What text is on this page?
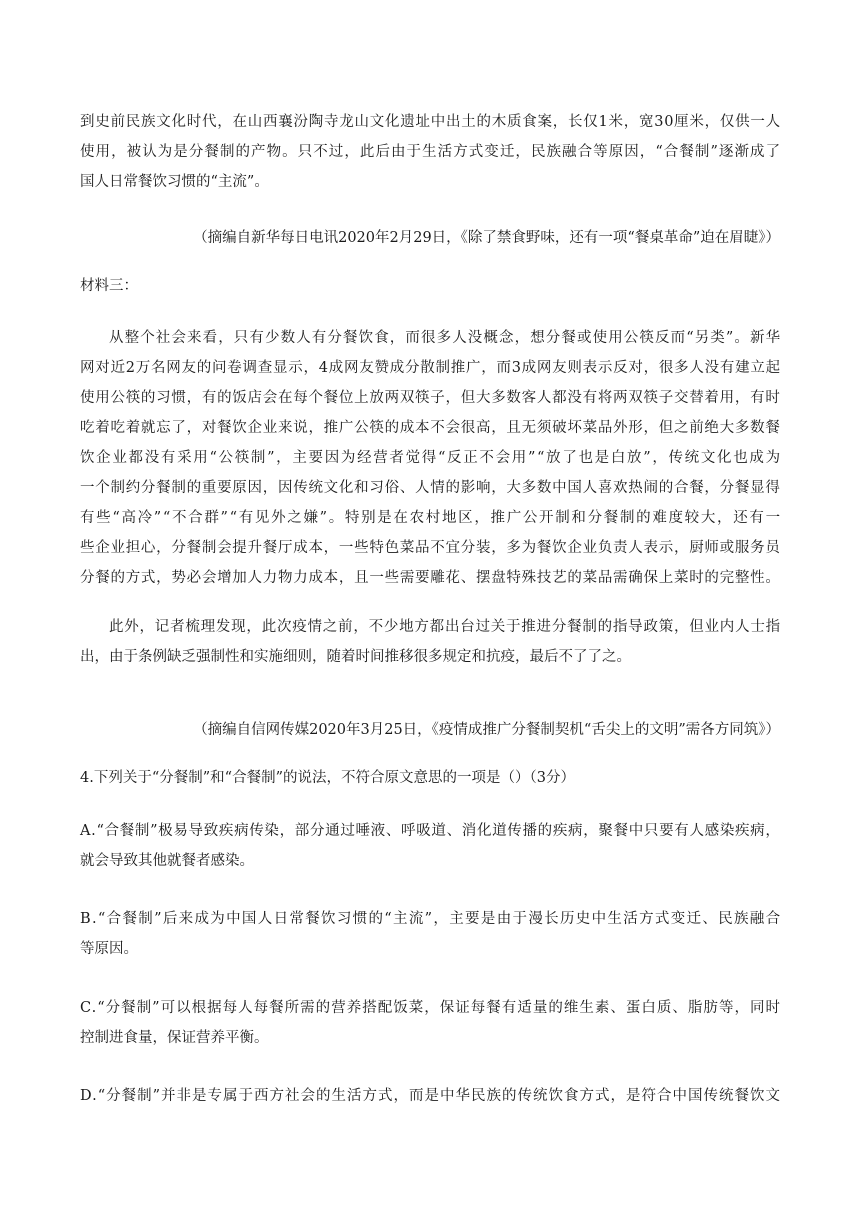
到史前民族文化时代，在山西襄汾陶寺龙山文化遗址中出土的木质食案，长仅1米，宽30厘米，仅供一人
使用，被认为是分餐制的产物。只不过，此后由于生活方式变迁，民族融合等原因，“合餐制”逐渐成了
国人日常餐饮习惯的“主流”。
（摘编自新华每日电讯2020年2月29日，《除了禁食野味，还有一项“餐桌革命”迫在眉睫》）
材料三：
从整个社会来看，只有少数人有分餐饮食，而很多人没概念，想分餐或使用公筷反而“另类”。新华
网对近2万名网友的问卷调查显示，4成网友赞成分散制推广，而3成网友则表示反对，很多人没有建立起
使用公筷的习惯，有的饭店会在每个餐位上放两双筷子，但大多数客人都没有将两双筷子交替着用，有时
吃着吃着就忘了，对餐饮企业来说，推广公筷的成本不会很高，且无须破坏菜品外形，但之前绝大多数餐
饮企业都没有采用“公筷制”，主要因为经营者觉得“反正不会用”“放了也是白放”，传统文化也成为
一个制约分餐制的重要原因，因传统文化和习俗、人情的影响，大多数中国人喜欢热闹的合餐，分餐显得
有些“高冷”“不合群”“有见外之嫌”。特别是在农村地区，推广公开制和分餐制的难度较大，还有一
些企业担心，分餐制会提升餐厅成本，一些特色菜品不宜分装，多为餐饮企业负责人表示，厨师或服务员
分餐的方式，势必会增加人力物力成本，且一些需要雕花、摆盘特殊技艺的菜品需确保上菜时的完整性。
此外，记者梳理发现，此次疫情之前，不少地方都出台过关于推进分餐制的指导政策，但业内人士指
出，由于条例缺乏强制性和实施细则，随着时间推移很多规定和抗疫，最后不了了之。
（摘编自信网传媒2020年3月25日，《疫情成推广分餐制契机“舌尖上的文明”需各方同筑》）
4.下列关于“分餐制”和“合餐制”的说法，不符合原文意思的一项是（）（3分）
A.“合餐制”极易导致疾病传染，部分通过唾液、呼吸道、消化道传播的疾病，聚餐中只要有人感染疾病，
就会导致其他就餐者感染。
B.“合餐制”后来成为中国人日常餐饮习惯的“主流”，主要是由于漫长历史中生活方式变迁、民族融合
等原因。
C.“分餐制”可以根据每人每餐所需的营养搭配饭菜，保证每餐有适量的维生素、蛋白质、脂肪等，同时
控制进食量，保证营养平衡。
D.“分餐制”并非是专属于西方社会的生活方式，而是中华民族的传统饮食方式，是符合中国传统餐饮文
